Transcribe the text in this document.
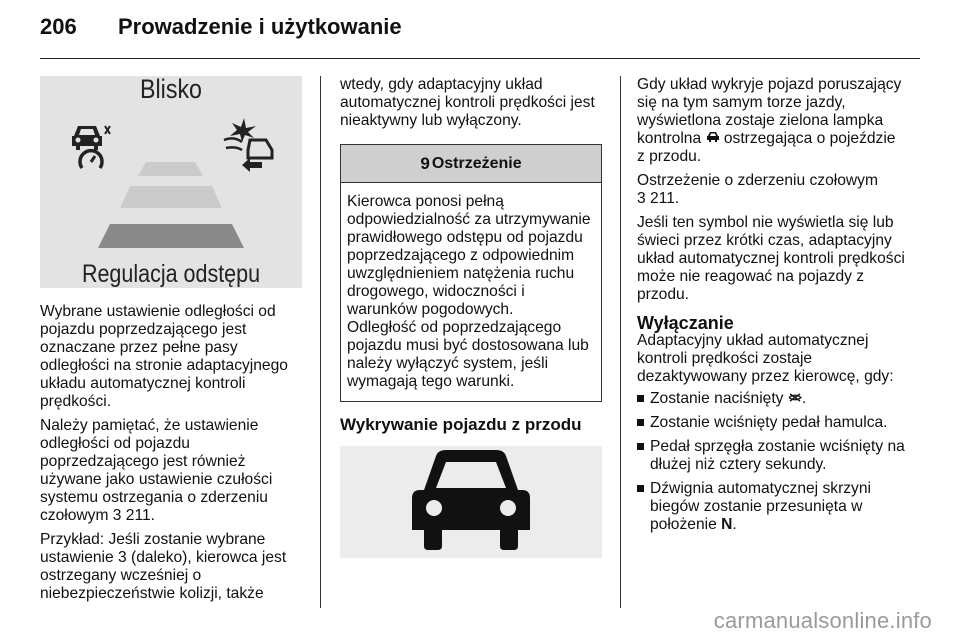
206	Prowadzenie i użytkowanie
Blisko
Regulacja odstępu

Wybrane ustawienie odległości od pojazdu poprzedzającego jest oznaczane przez pełne pasy odległości na stronie adaptacyjnego układu automatycznej kontroli prędkości.

Należy pamiętać, że ustawienie odległości od pojazdu poprzedzającego jest również używane jako ustawienie czułości systemu ostrzegania o zderzeniu czołowym 3 211.

Przykład: Jeśli zostanie wybrane ustawienie 3 (daleko), kierowca jest ostrzegany wcześniej o niebezpieczeństwie kolizji, także

wtedy, gdy adaptacyjny układ automatycznej kontroli prędkości jest nieaktywny lub wyłączony.

9 Ostrzeżenie

Kierowca ponosi pełną odpowiedzialność za utrzymywanie prawidłowego odstępu od pojazdu poprzedzającego z odpowiednim uwzględnieniem natężenia ruchu drogowego, widoczności i warunków pogodowych.

Odległość od poprzedzającego pojazdu musi być dostosowana lub należy wyłączyć system, jeśli wymagają tego warunki.

Wykrywanie pojazdu z przodu

Gdy układ wykryje pojazd poruszający się na tym samym torze jazdy, wyświetlona zostaje zielona lampka kontrolna ostrzegająca o pojeździe z przodu.

Ostrzeżenie o zderzeniu czołowym
3 211.

Jeśli ten symbol nie wyświetla się lub świeci przez krótki czas, adaptacyjny układ automatycznej kontroli prędkości może nie reagować na pojazdy z przodu.

Wyłączanie

Adaptacyjny układ automatycznej kontroli prędkości zostaje dezaktywowany przez kierowcę, gdy:

Zostanie naciśnięty .
Zostanie wciśnięty pedał hamulca.
Pedał sprzęgła zostanie wciśnięty na dłużej niż cztery sekundy.
Dźwignia automatycznej skrzyni biegów zostanie przesunięta w położenie N.
carmanualsonline.info
